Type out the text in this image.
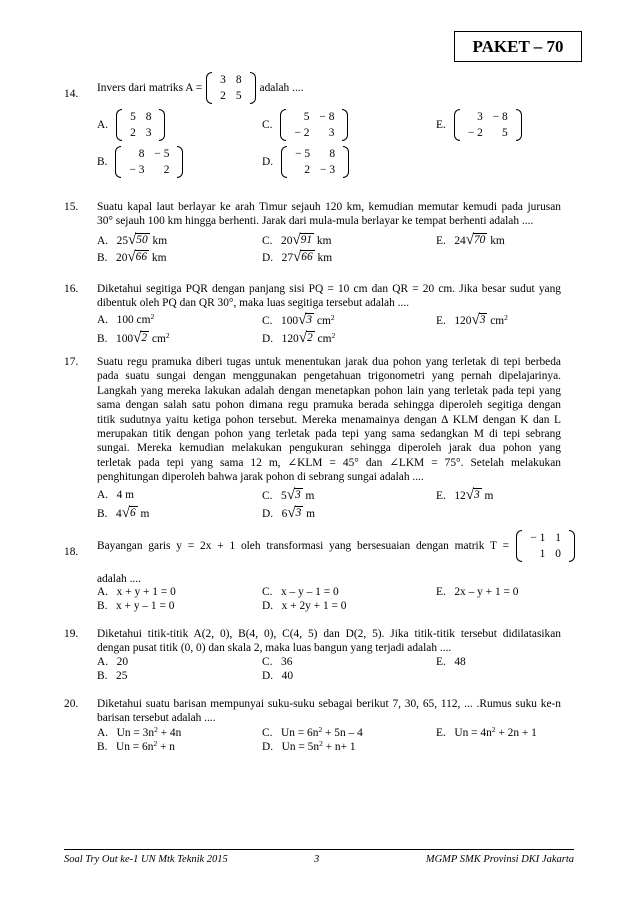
PAKET – 70
14. Invers dari matriks A =
3	8
2	5
adalah ....
A.
5	8
2	3
B.
8	− 5
− 3	2
C.
5	− 8
− 2	3
D.
− 5	8
2	− 3
E.
3	− 8
− 2	5
15. Suatu kapal laut berlayar ke arah Timur sejauh 120 km, kemudian memutar kemudi pada jurusan
30° sejauh 100 km hingga berhenti. Jarak dari mula-mula berlayar ke tempat berhenti adalah ....
A. 25 √ 50 km
B. 20 √ 66 km
C. 20 √ 91 km
D. 27 √ 66 km
E. 24 √ 70 km
16. Diketahui segitiga PQR dengan panjang sisi PQ = 10 cm dan QR = 20 cm. Jika besar sudut yang
dibentuk oleh PQ dan QR 30°, maka luas segitiga tersebut adalah ....
A. 100 $cm^2$
B. 100 √ 2 $cm^2$
C. 100 √ 3 $cm^2$
D. 120 √ 2 $cm^2$
E. 120 √ 3 $cm^2$
17. Suatu regu pramuka diberi tugas untuk menentukan jarak dua pohon yang terletak di tepi berbeda
pada suatu sungai dengan menggunakan pengetahuan trigonometri yang pernah dipelajarinya.
Langkah yang mereka lakukan adalah dengan menetapkan pohon lain yang terletak pada tepi yang
sama dengan salah satu pohon dimana regu pramuka berada sehingga diperoleh segitiga dengan
titik sudutnya yaitu ketiga pohon tersebut. Mereka menamainya dengan ∆ KLM dengan K dan L
merupakan titik dengan pohon yang terletak pada tepi yang sama sedangkan M di tepi sebrang
sungai. Mereka kemudian melakukan pengukuran sehingga diperoleh jarak dua pohon yang
terletak pada tepi yang sama 12 m, ∠KLM = 45° dan ∠LKM = 75°. Setelah melakukan
penghitungan diperoleh bahwa jarak pohon di sebrang sungai adalah ....
A. 4 m
B. 4 √ 6 m
C. 5 √ 3 m
D. 6 √ 3 m
E. 12 √ 3 m
18. Bayangan garis y = 2x + 1 oleh transformasi yang bersesuaian dengan matrik T =
− 1	1
1	0
adalah ....
A. x + y + 1 = 0
B. x + y – 1 = 0
C. x – y – 1 = 0
D. x + 2y + 1 = 0
E. 2x – y + 1 = 0
19. Diketahui titik-titik A(2, 0), B(4, 0), C(4, 5) dan D(2, 5). Jika titik-titik tersebut didilatasikan
dengan pusat titik (0, 0) dan skala 2, maka luas bangun yang terjadi adalah ....
A. 20
B. 25
C. 36
D. 40
E. 48
20. Diketahui suatu barisan mempunyai suku-suku sebagai berikut 7, 30, 65, 112, ... .Rumus suku ke-n
barisan tersebut adalah ....
A. $Un = 3n^2 + 4n$
B. $Un = 6n^2 + n$
C. $Un = 6n^2 + 5n - 4$
D. $Un = 5n^2 + n+ 1$
E. $Un = 4n^2 + 2n + 1$
Soal Try Out ke-1 UN Mtk Teknik 2015	3	MGMP SMK Provinsi DKI Jakarta
